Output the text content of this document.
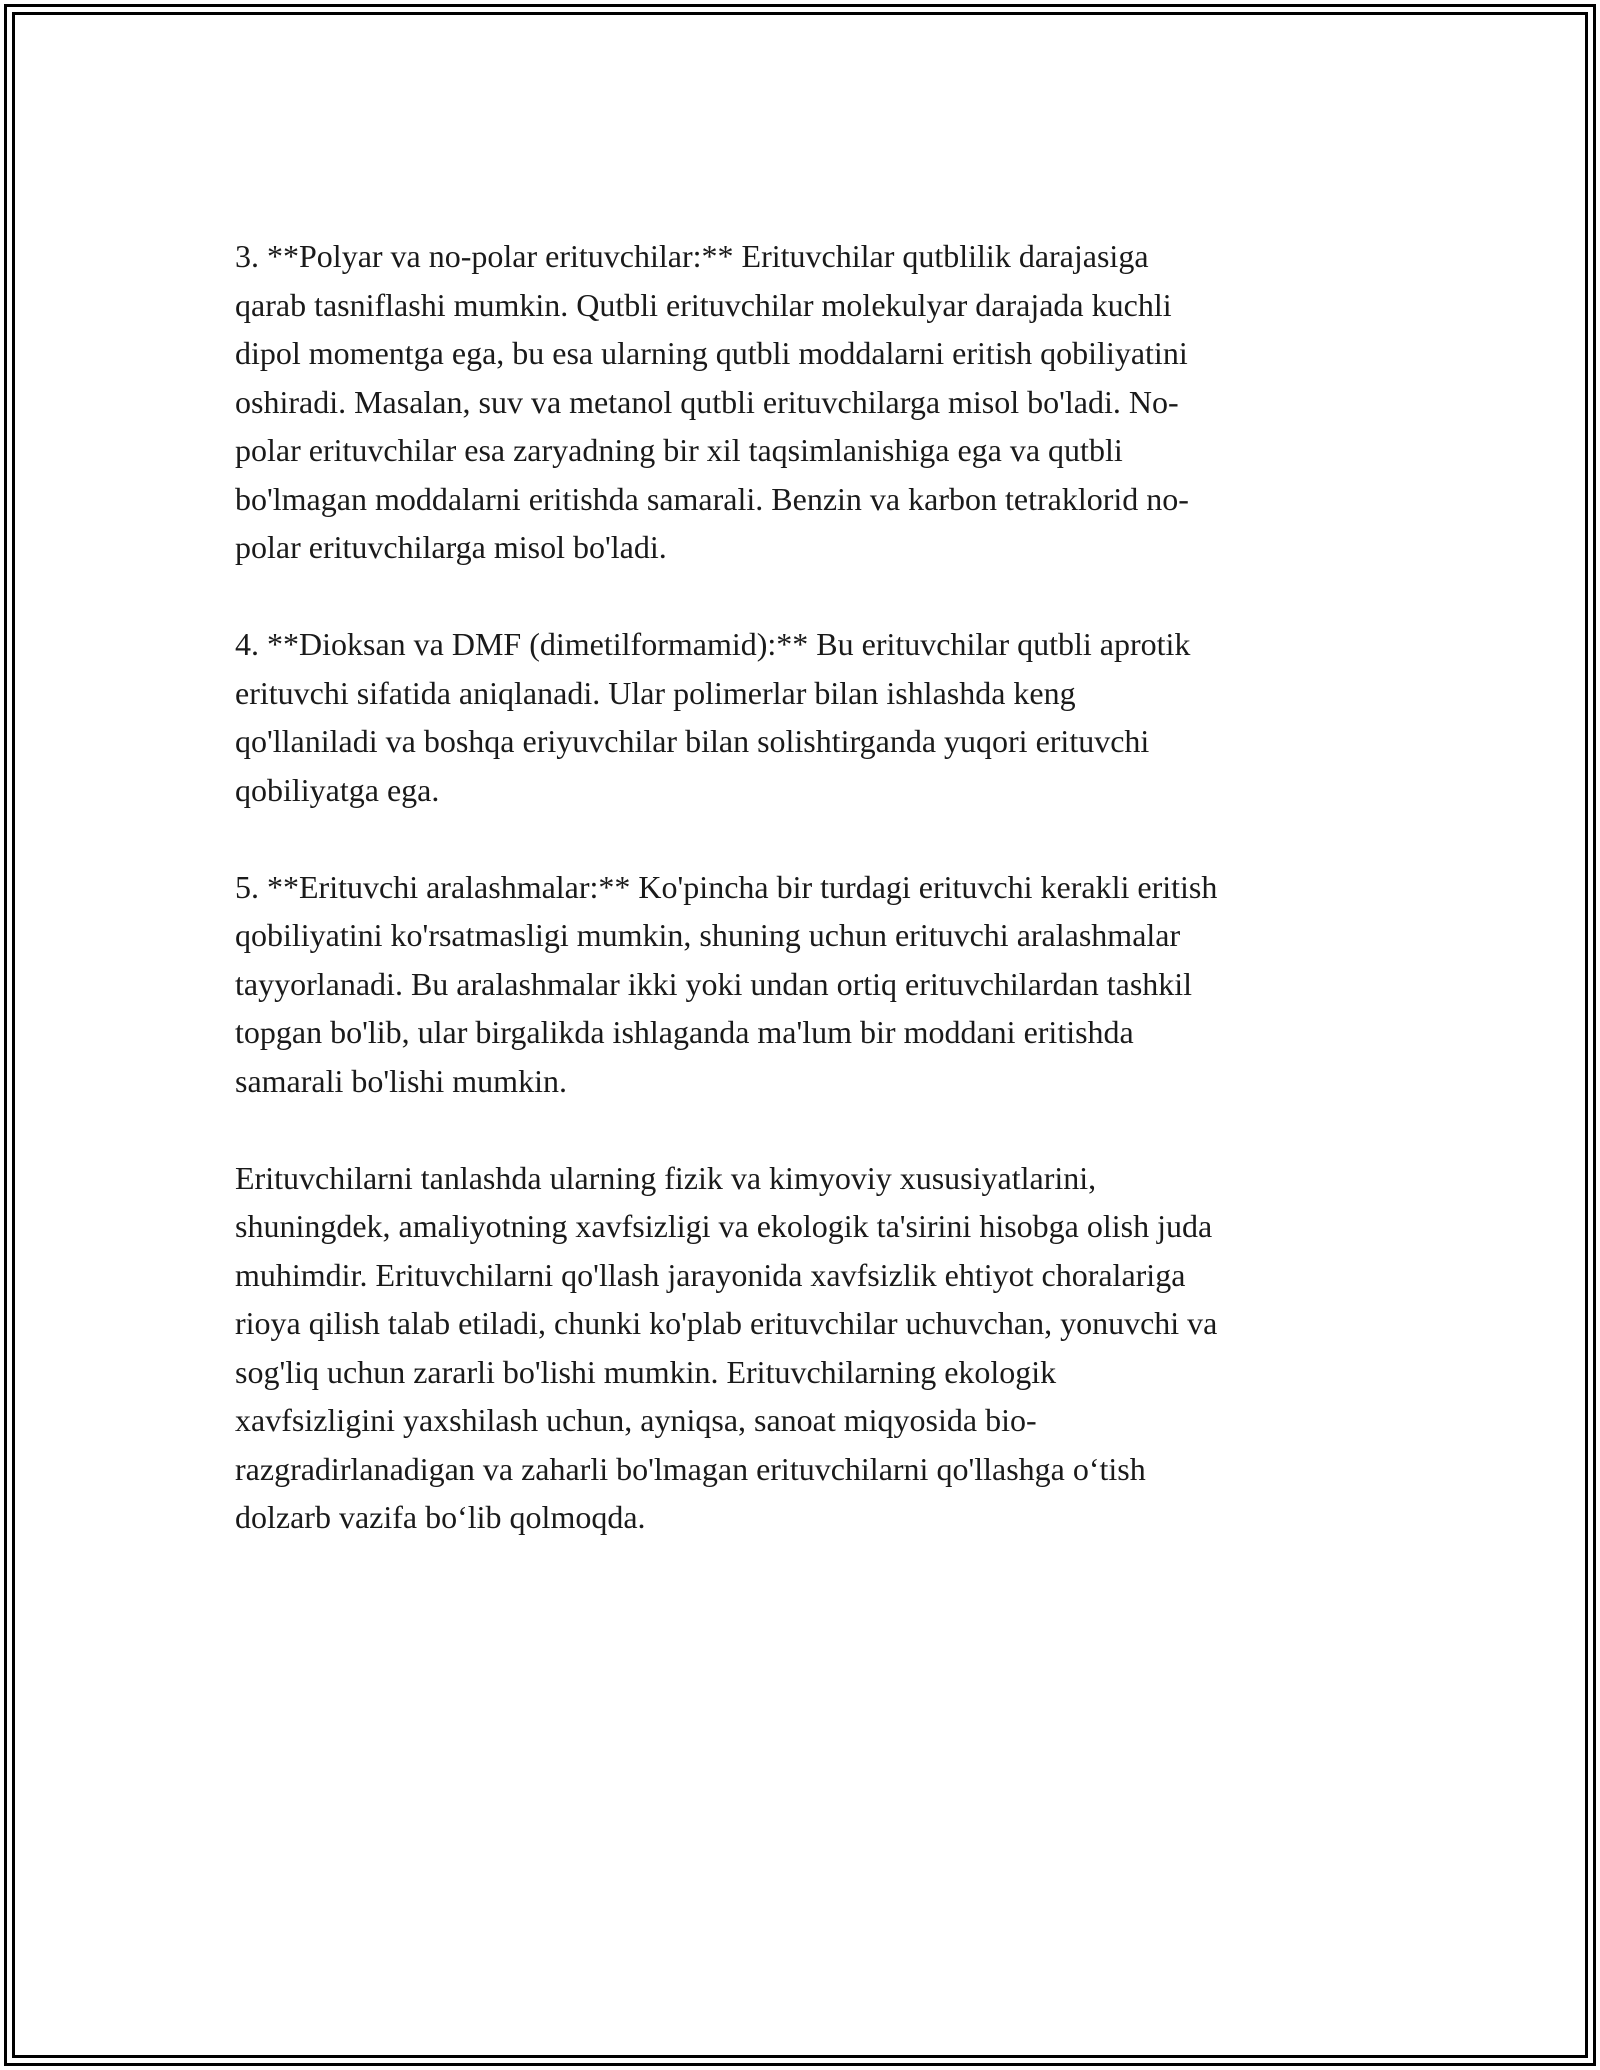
3. **Polyar va no-polar erituvchilar:** Erituvchilar qutblilik darajasiga
qarab tasniflashi mumkin. Qutbli erituvchilar molekulyar darajada kuchli
dipol momentga ega, bu esa ularning qutbli moddalarni eritish qobiliyatini
oshiradi. Masalan, suv va metanol qutbli erituvchilarga misol bo'ladi. No-
polar erituvchilar esa zaryadning bir xil taqsimlanishiga ega va qutbli
bo'lmagan moddalarni eritishda samarali. Benzin va karbon tetraklorid no-
polar erituvchilarga misol bo'ladi.

4. **Dioksan va DMF (dimetilformamid):** Bu erituvchilar qutbli aprotik
erituvchi sifatida aniqlanadi. Ular polimerlar bilan ishlashda keng
qo'llaniladi va boshqa eriyuvchilar bilan solishtirganda yuqori erituvchi
qobiliyatga ega.

5. **Erituvchi aralashmalar:** Ko'pincha bir turdagi erituvchi kerakli eritish
qobiliyatini ko'rsatmasligi mumkin, shuning uchun erituvchi aralashmalar
tayyorlanadi. Bu aralashmalar ikki yoki undan ortiq erituvchilardan tashkil
topgan bo'lib, ular birgalikda ishlaganda ma'lum bir moddani eritishda
samarali bo'lishi mumkin.

Erituvchilarni tanlashda ularning fizik va kimyoviy xususiyatlarini,
shuningdek, amaliyotning xavfsizligi va ekologik ta'sirini hisobga olish juda
muhimdir. Erituvchilarni qo'llash jarayonida xavfsizlik ehtiyot choralariga
rioya qilish talab etiladi, chunki ko'plab erituvchilar uchuvchan, yonuvchi va
sog'liq uchun zararli bo'lishi mumkin. Erituvchilarning ekologik
xavfsizligini yaxshilash uchun, ayniqsa, sanoat miqyosida bio-
razgradirlanadigan va zaharli bo'lmagan erituvchilarni qo'llashga o‘tish
dolzarb vazifa bo‘lib qolmoqda.
